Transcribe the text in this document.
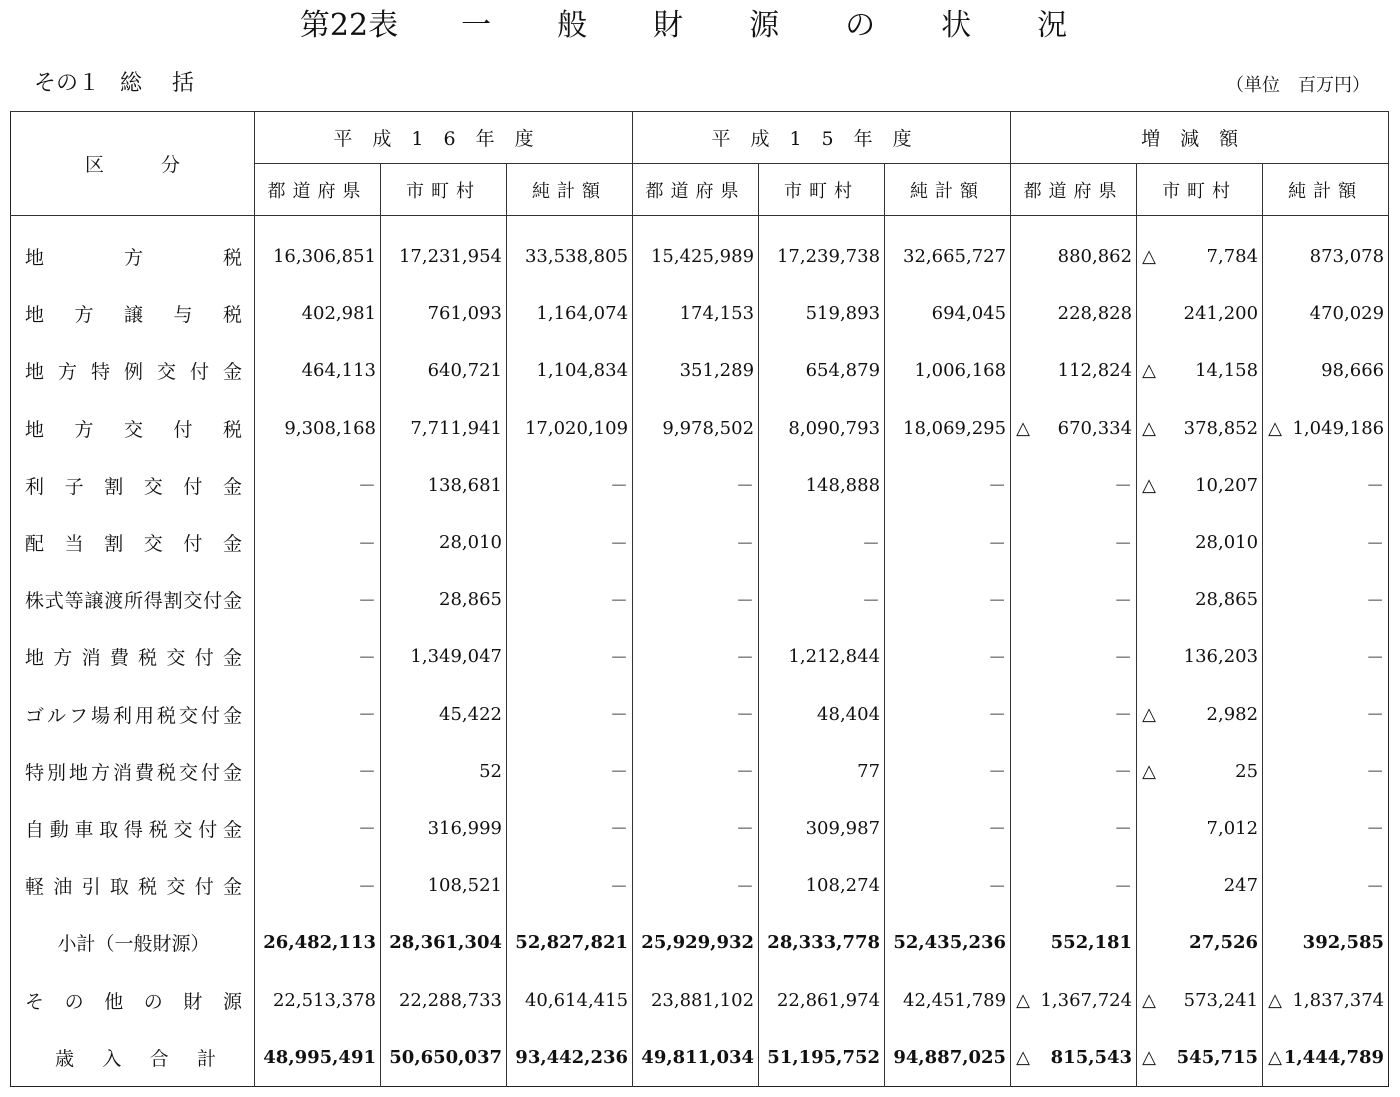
第22表 一 般 財 源 の 状 況
その１ 総括	（単位　百万円）
区　　　分	平成16年度			平成15年度			増減額		
	都道府県	市町村	純計額	都道府県	市町村	純計額	都道府県	市町村	純計額
地方税	16,306,851	17,231,954	33,538,805	15,425,989	17,239,738	32,665,727	880,862	△ 7,784	873,078
地方譲与税	402,981	761,093	1,164,074	174,153	519,893	694,045	228,828	241,200	470,029
地方特例交付金	464,113	640,721	1,104,834	351,289	654,879	1,006,168	112,824	△ 14,158	98,666
地方交付税	9,308,168	7,711,941	17,020,109	9,978,502	8,090,793	18,069,295	△ 670,334	△ 378,852	△ 1,049,186
利子割交付金	－	138,681	－	－	148,888	－	－	△ 10,207	－
配当割交付金	－	28,010	－	－	－	－	－	28,010	－
株式等譲渡所得割交付金	－	28,865	－	－	－	－	－	28,865	－
地方消費税交付金	－	1,349,047	－	－	1,212,844	－	－	136,203	－
ゴルフ場利用税交付金	－	45,422	－	－	48,404	－	－	△ 2,982	－
特別地方消費税交付金	－	52	－	－	77	－	－	△ 25	－
自動車取得税交付金	－	316,999	－	－	309,987	－	－	7,012	－
軽油引取税交付金	－	108,521	－	－	108,274	－	－	247	－
小計（一般財源）	26,482,113	28,361,304	52,827,821	25,929,932	28,333,778	52,435,236	552,181	27,526	392,585
その他の財源	22,513,378	22,288,733	40,614,415	23,881,102	22,861,974	42,451,789	△ 1,367,724	△ 573,241	△ 1,837,374
歳入合計	48,995,491	50,650,037	93,442,236	49,811,034	51,195,752	94,887,025	△ 815,543	△ 545,715	△ 1,444,789
